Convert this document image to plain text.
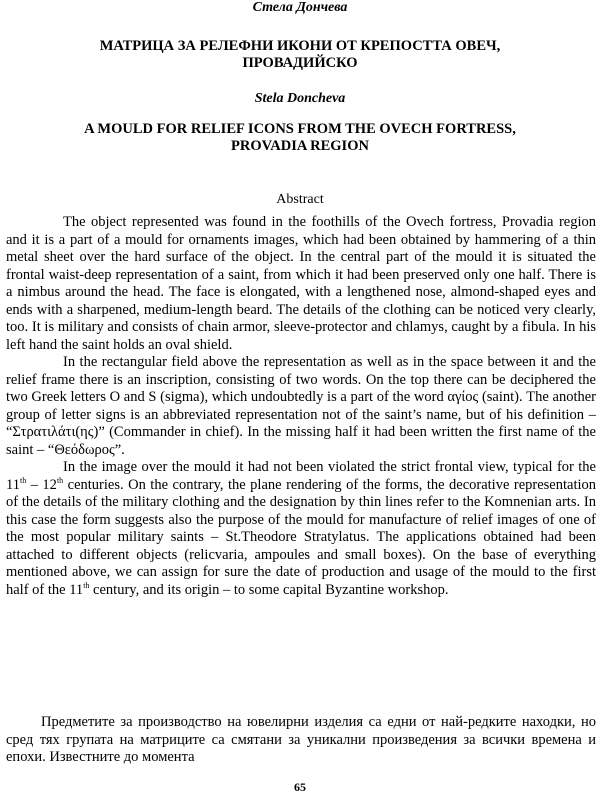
Стела Дончева
МАТРИЦА ЗА РЕЛЕФНИ ИКОНИ ОТ КРЕПОСТТА ОВЕЧ,
ПРОВАДИЙСКО
Stela Doncheva
A MOULD FOR RELIEF ICONS FROM THE OVECH FORTRESS,
PROVADIA REGION
Abstract

The object represented was found in the foothills of the Ovech fortress, Provadia region and it is a part of a mould for ornaments images, which had been obtained by hammering of a thin metal sheet over the hard surface of the object. In the central part of the mould it is situated the frontal waist-deep representation of a saint, from which it had been preserved only one half. There is a nimbus around the head. The face is elongated, with a lengthened nose, almond-shaped eyes and ends with a sharpened, medium-length beard. The details of the clothing can be noticed very clearly, too. It is military and consists of chain armor, sleeve-protector and chlamys, caught by a fibula. In his left hand the saint holds an oval shield.

In the rectangular field above the representation as well as in the space between it and the relief frame there is an inscription, consisting of two words. On the top there can be deciphered the two Greek letters O and S (sigma), which undoubtedly is a part of the word αγίος (saint). The another group of letter signs is an abbreviated representation not of the saint’s name, but of his definition – “Στρατιλάτι(ης)” (Commander in chief). In the missing half it had been written the first name of the saint – “Θεόδωρος”.

In the image over the mould it had not been violated the strict frontal view, typical for the 11th – 12th centuries. On the contrary, the plane rendering of the forms, the decorative representation of the details of the military clothing and the designation by thin lines refer to the Komnenian arts. In this case the form suggests also the purpose of the mould for manufacture of relief images of one of the most popular military saints – St.Theodore Stratylatus. The applications obtained had been attached to different objects (relicvaria, ampoules and small boxes). On the base of everything mentioned above, we can assign for sure the date of production and usage of the mould to the first half of the 11th century, and its origin – to some capital Byzantine workshop.

Предметите за производство на ювелирни изделия са едни от най-редките находки, но сред тях групата на матриците са смятани за уникални произведения за всички времена и епохи. Известните до момента

65
